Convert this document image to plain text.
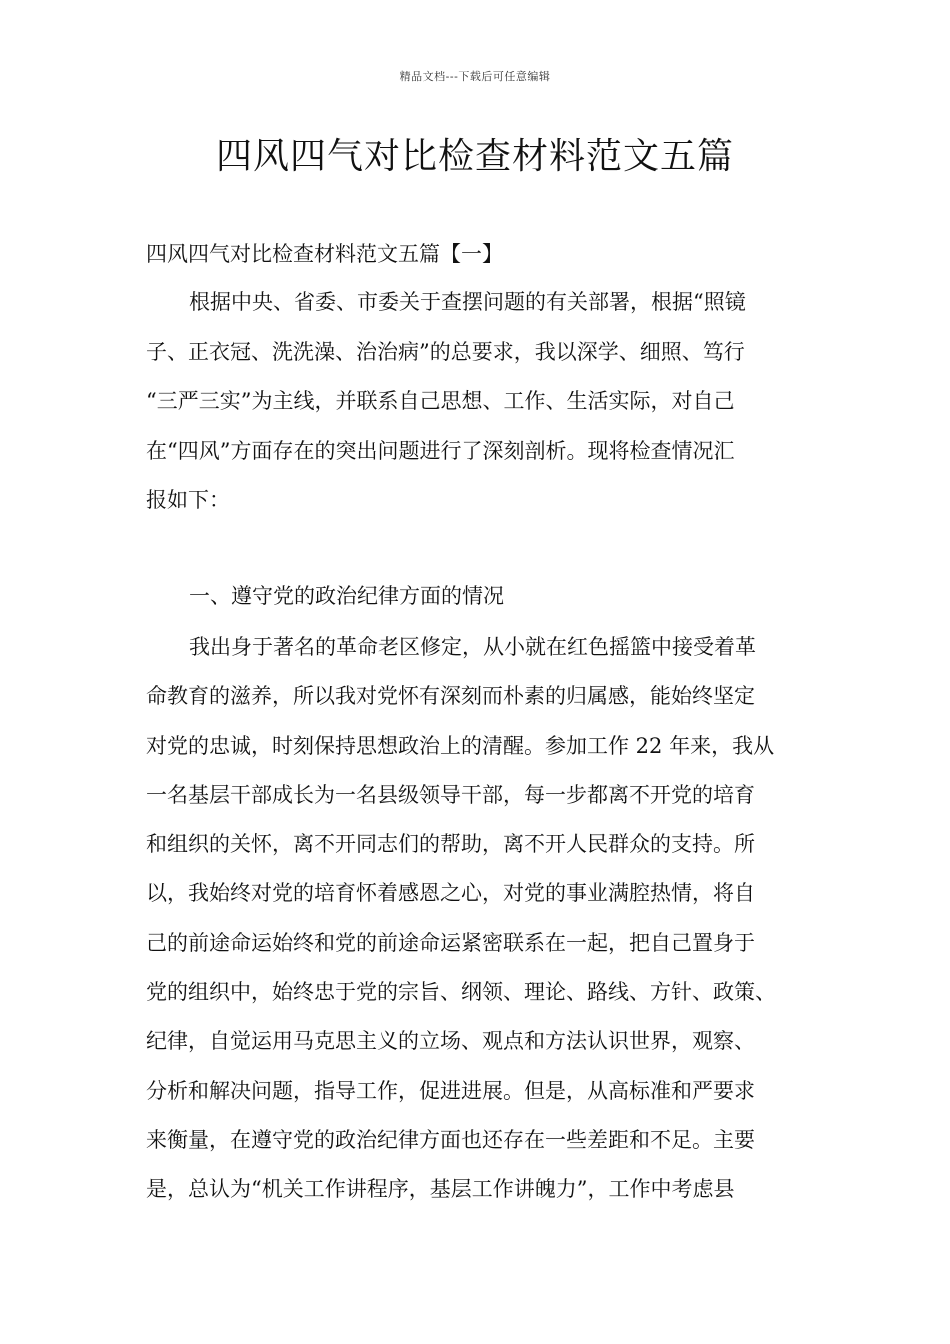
精品文档---下载后可任意编辑
四风四气对比检查材料范文五篇
四风四气对比检查材料范文五篇【一】
根据中央、省委、市委关于查摆问题的有关部署，根据“照镜
子、正衣冠、洗洗澡、治治病”的总要求，我以深学、细照、笃行
“三严三实”为主线，并联系自己思想、工作、生活实际，对自己
在“四风”方面存在的突出问题进行了深刻剖析。现将检查情况汇
报如下：
一、遵守党的政治纪律方面的情况
我出身于著名的革命老区修定，从小就在红色摇篮中接受着革
命教育的滋养，所以我对党怀有深刻而朴素的归属感，能始终坚定
对党的忠诚，时刻保持思想政治上的清醒。参加工作 22 年来，我从
一名基层干部成长为一名县级领导干部，每一步都离不开党的培育
和组织的关怀，离不开同志们的帮助，离不开人民群众的支持。所
以，我始终对党的培育怀着感恩之心，对党的事业满腔热情，将自
己的前途命运始终和党的前途命运紧密联系在一起，把自己置身于
党的组织中，始终忠于党的宗旨、纲领、理论、路线、方针、政策、
纪律，自觉运用马克思主义的立场、观点和方法认识世界，观察、
分析和解决问题，指导工作，促进进展。但是，从高标准和严要求
来衡量，在遵守党的政治纪律方面也还存在一些差距和不足。主要
是，总认为“机关工作讲程序，基层工作讲魄力”，工作中考虑县
